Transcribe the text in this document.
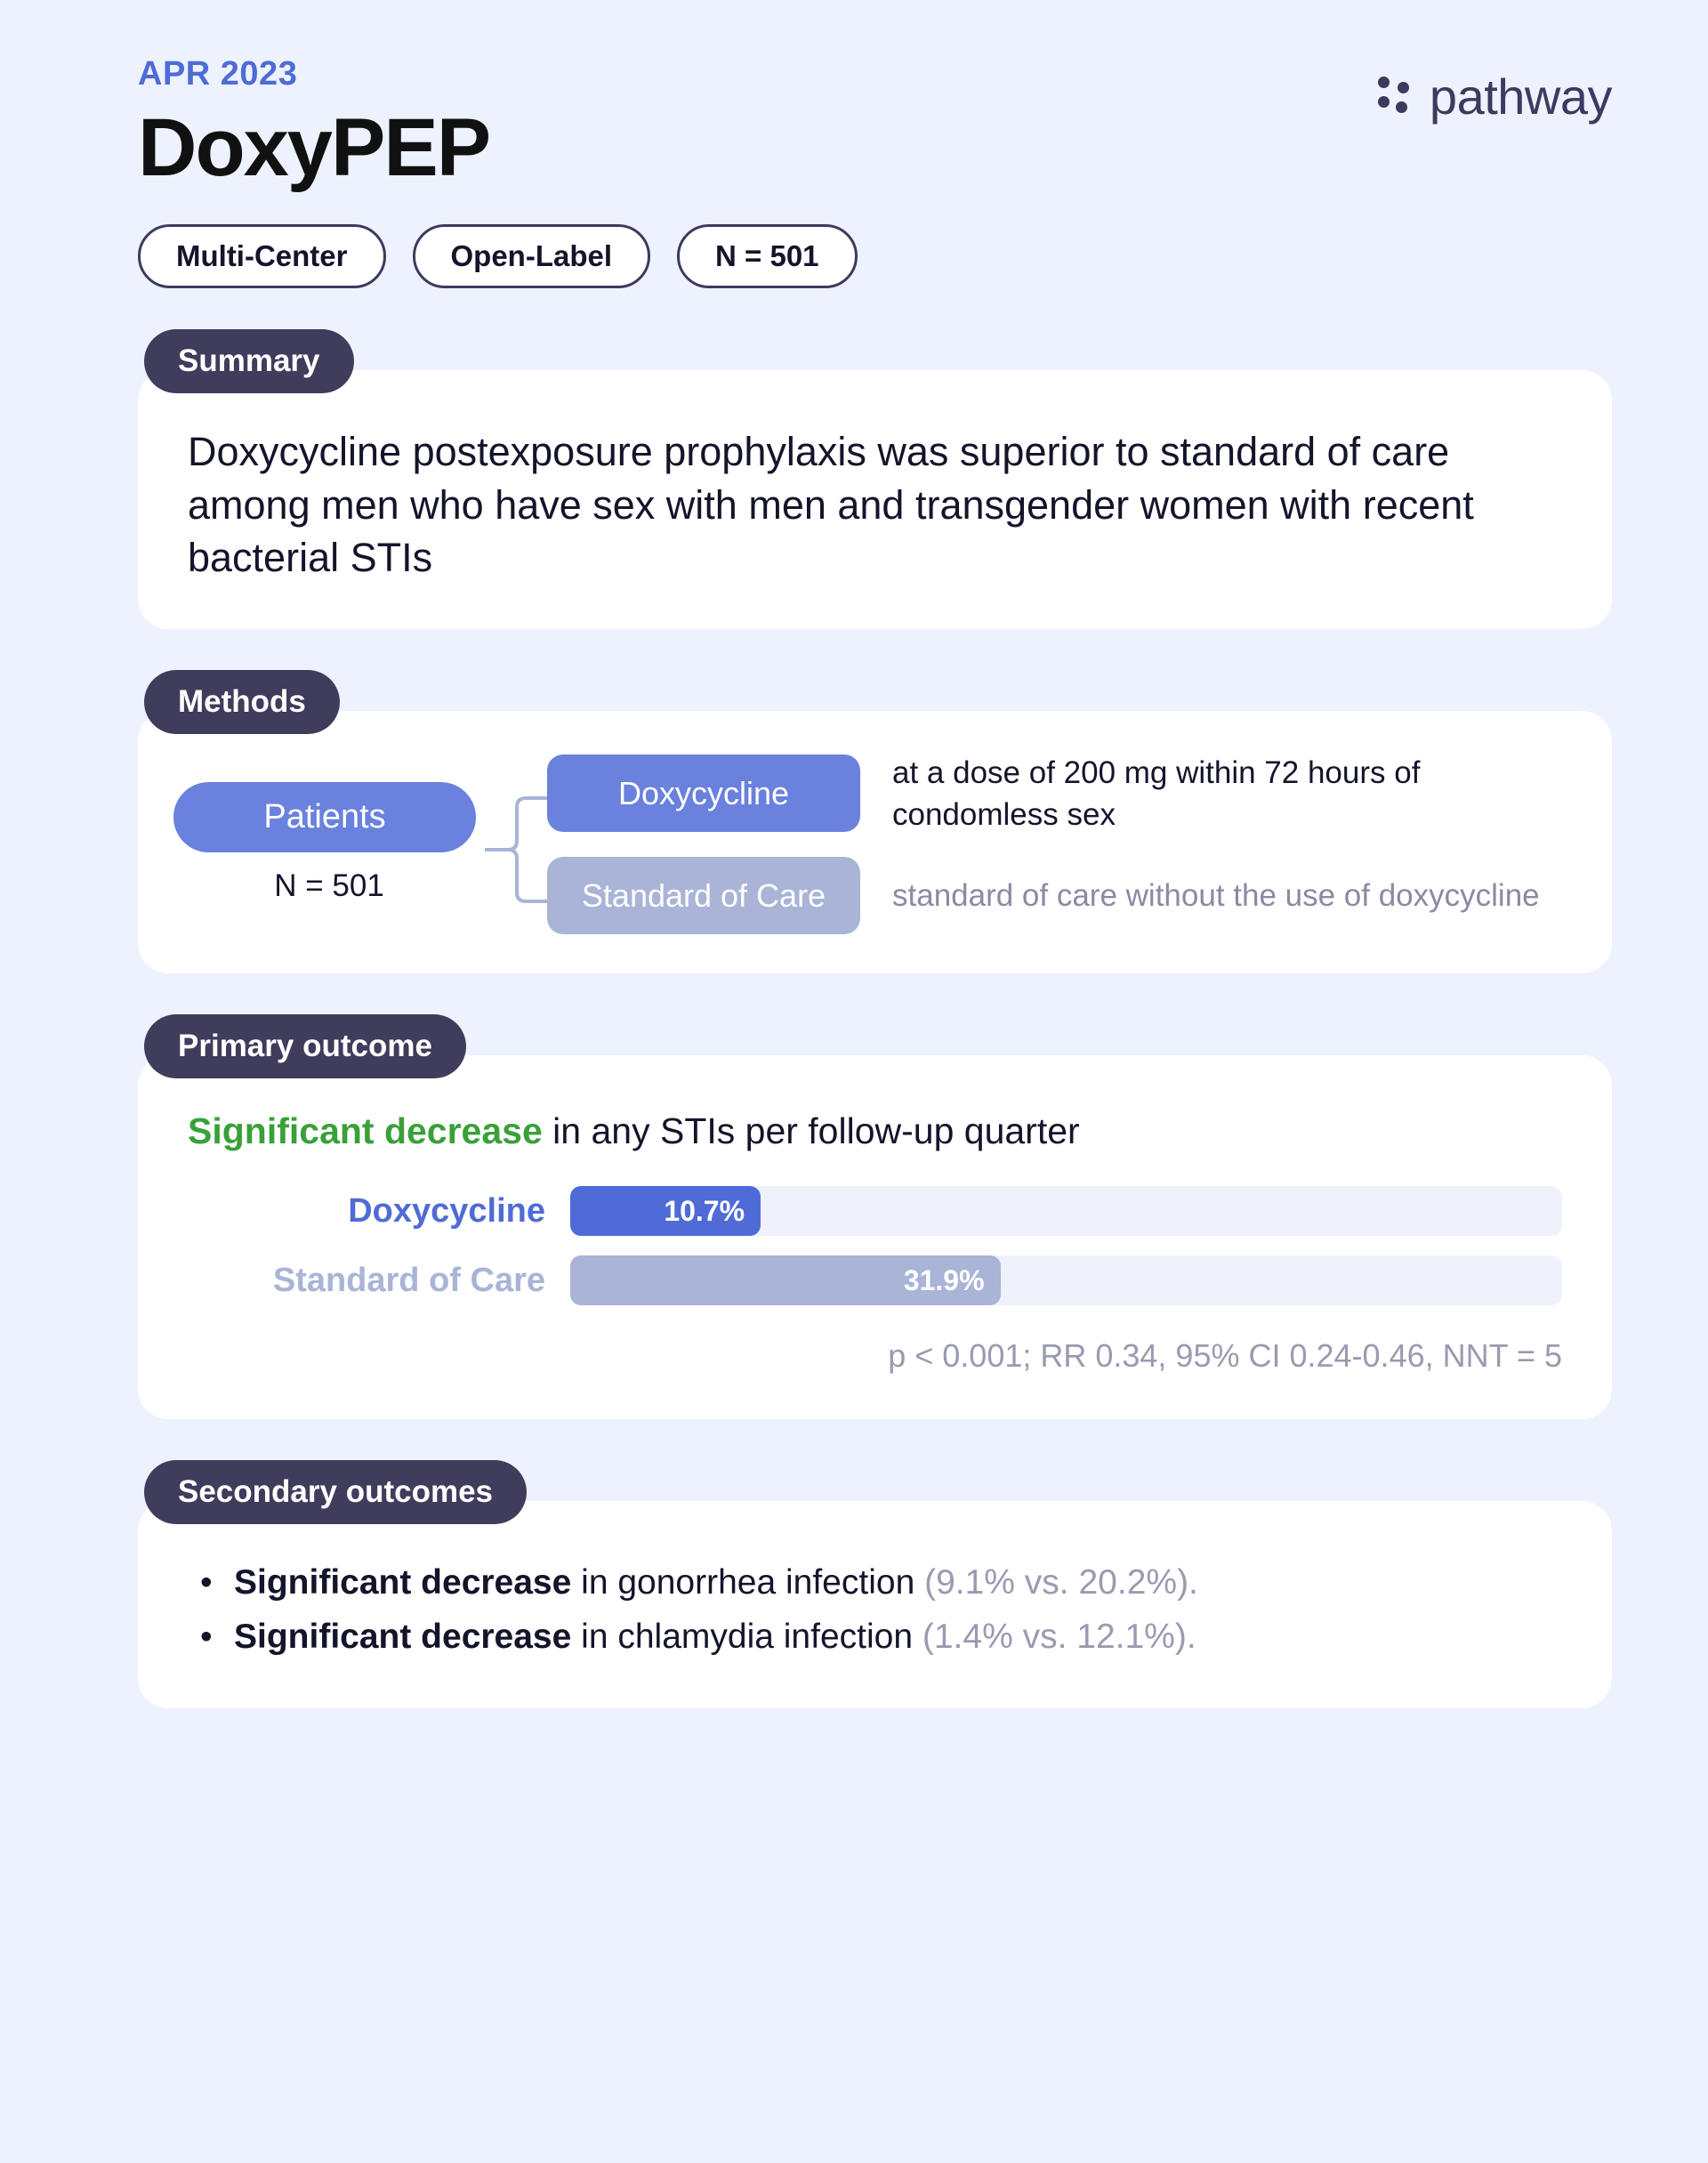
APR 2023
DoxyPEP
pathway
Multi-Center	Open-Label	N = 501
Summary
Doxycycline postexposure prophylaxis was superior to standard of care among men who have sex with men and transgender women with recent bacterial STIs
Methods
Patients
N = 501
Doxycycline
at a dose of 200 mg within 72 hours of condomless sex
Standard of Care	standard of care without the use of doxycycline
Primary outcome
Significant decrease in any STIs per follow-up quarter
Doxycycline	10.7%
Standard of Care	31.9%
p < 0.001; RR 0.34, 95% CI 0.24-0.46, NNT = 5
Secondary outcomes
• Significant decrease in gonorrhea infection (9.1% vs. 20.2%).
• Significant decrease in chlamydia infection (1.4% vs. 12.1%).
